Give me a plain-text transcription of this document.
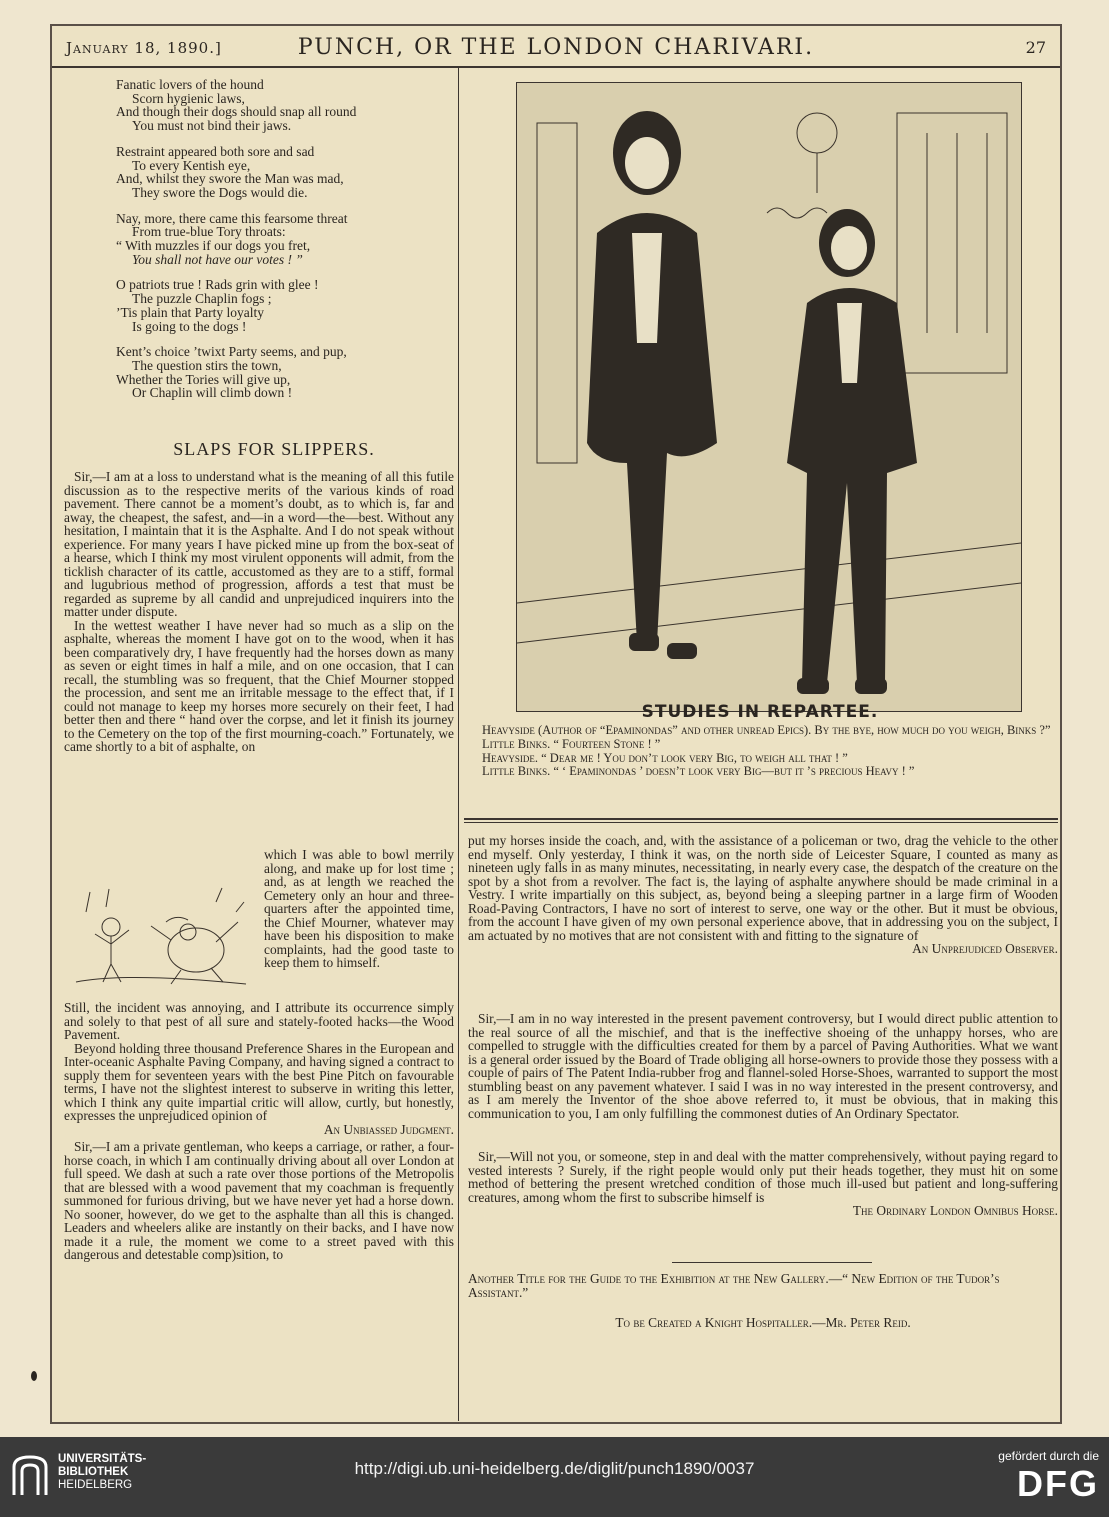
January 18, 1890.]	PUNCH, OR THE LONDON CHARIVARI.	27
Fanatic lovers of the hound
Scorn hygienic laws,
And though their dogs should snap all round
You must not bind their jaws.
Restraint appeared both sore and sad
To every Kentish eye,
And, whilst they swore the Man was mad,
They swore the Dogs would die.
Nay, more, there came this fearsome threat
From true-blue Tory throats:
“ With muzzles if our dogs you fret,
You shall not have our votes ! ”
O patriots true ! Rads grin with glee !
The puzzle Chaplin fogs ;
’Tis plain that Party loyalty
Is going to the dogs !
Kent’s choice ’twixt Party seems, and pup,
The question stirs the town,
Whether the Tories will give up,
Or Chaplin will climb down !
SLAPS FOR SLIPPERS.

Sir,—I am at a loss to understand what is the meaning of all this futile discussion as to the respective merits of the various kinds of road pavement. There cannot be a moment’s doubt, as to which is, far and away, the cheapest, the safest, and—in a word—the—best. Without any hesitation, I maintain that it is the Asphalte. And I do not speak without experience. For many years I have picked mine up from the box-seat of a hearse, which I think my most virulent opponents will admit, from the ticklish character of its cattle, accustomed as they are to a stiff, formal and lugubrious method of progression, affords a test that must be regarded as supreme by all candid and unprejudiced inquirers into the matter under dispute.

In the wettest weather I have never had so much as a slip on the asphalte, whereas the moment I have got on to the wood, when it has been comparatively dry, I have frequently had the horses down as many as seven or eight times in half a mile, and on one occasion, that I can recall, the stumbling was so frequent, that the Chief Mourner stopped the procession, and sent me an irritable message to the effect that, if I could not manage to keep my horses more securely on their feet, I had better then and there “ hand over the corpse, and let it finish its journey to the Cemetery on the top of the first mourning-coach.” Fortunately, we came shortly to a bit of asphalte, on

which I was able to bowl merrily along, and make up for lost time ; and, as at length we reached the Cemetery only an hour and three-quarters after the appointed time, the Chief Mourner, whatever may have been his disposition to make complaints, had the good taste to keep them to himself.

Still, the incident was annoying, and I attribute its occurrence simply and solely to that pest of all sure and stately-footed hacks—the Wood Pavement.

Beyond holding three thousand Preference Shares in the European and Inter-oceanic Asphalte Paving Company, and having signed a contract to supply them for seventeen years with the best Pine Pitch on favourable terms, I have not the slightest interest to subserve in writing this letter, which I think any quite impartial critic will allow, curtly, but honestly, expresses the unprejudiced opinion of

An Unbiassed Judgment.

Sir,—I am a private gentleman, who keeps a carriage, or rather, a four-horse coach, in which I am continually driving about all over London at full speed. We dash at such a rate over those portions of the Metropolis that are blessed with a wood pavement that my coachman is frequently summoned for furious driving, but we have never yet had a horse down. No sooner, however, do we get to the asphalte than all this is changed. Leaders and wheelers alike are instantly on their backs, and I have now made it a rule, the moment we come to a street paved with this dangerous and detestable comp)sition, to

STUDIES IN REPARTEE.

Heavyside (Author of “Epaminondas” and other unread Epics). By the bye, how much do you weigh, Binks ?”

Little Binks. “ Fourteen Stone ! ”

Heavyside. “ Dear me ! You don’t look very Big, to weigh all that ! ”

Little Binks. “ ‘ Epaminondas ’ doesn’t look very Big—but it ’s precious Heavy ! ”

put my horses inside the coach, and, with the assistance of a policeman or two, drag the vehicle to the other end myself. Only yesterday, I think it was, on the north side of Leicester Square, I counted as many as nineteen ugly falls in as many minutes, necessitating, in nearly every case, the despatch of the creature on the spot by a shot from a revolver. The fact is, the laying of asphalte anywhere should be made criminal in a Vestry. I write impartially on this subject, as, beyond being a sleeping partner in a large firm of Wooden Road-Paving Contractors, I have no sort of interest to serve, one way or the other. But it must be obvious, from the account I have given of my own personal experience above, that in addressing you on the subject, I am actuated by no motives that are not consistent with and fitting to the signature of

An Unprejudiced Observer.

Sir,—I am in no way interested in the present pavement controversy, but I would direct public attention to the real source of all the mischief, and that is the ineffective shoeing of the unhappy horses, who are compelled to struggle with the difficulties created for them by a parcel of Paving Authorities. What we want is a general order issued by the Board of Trade obliging all horse-owners to provide those they possess with a couple of pairs of The Patent India-rubber frog and flannel-soled Horse-Shoes, warranted to support the most stumbling beast on any pavement whatever. I said I was in no way interested in the present controversy, and as I am merely the Inventor of the shoe above referred to, it must be obvious, that in making this communication to you, I am only fulfilling the commonest duties of An Ordinary Spectator.

Sir,—Will not you, or someone, step in and deal with the matter comprehensively, without paying regard to vested interests ? Surely, if the right people would only put their heads together, they must hit on some method of bettering the present wretched condition of those much ill-used but patient and long-suffering creatures, among whom the first to subscribe himself is

The Ordinary London Omnibus Horse.
Another Title for the Guide to the Exhibition at the New Gallery.—“ New Edition of the Tudor’s Assistant.”
To be Created a Knight Hospitaller.—Mr. Peter Reid.
UNIVERSITÄTS-
BIBLIOTHEK
HEIDELBERG
http://digi.ub.uni-heidelberg.de/diglit/punch1890/0037
gefördert durch die
DFG
